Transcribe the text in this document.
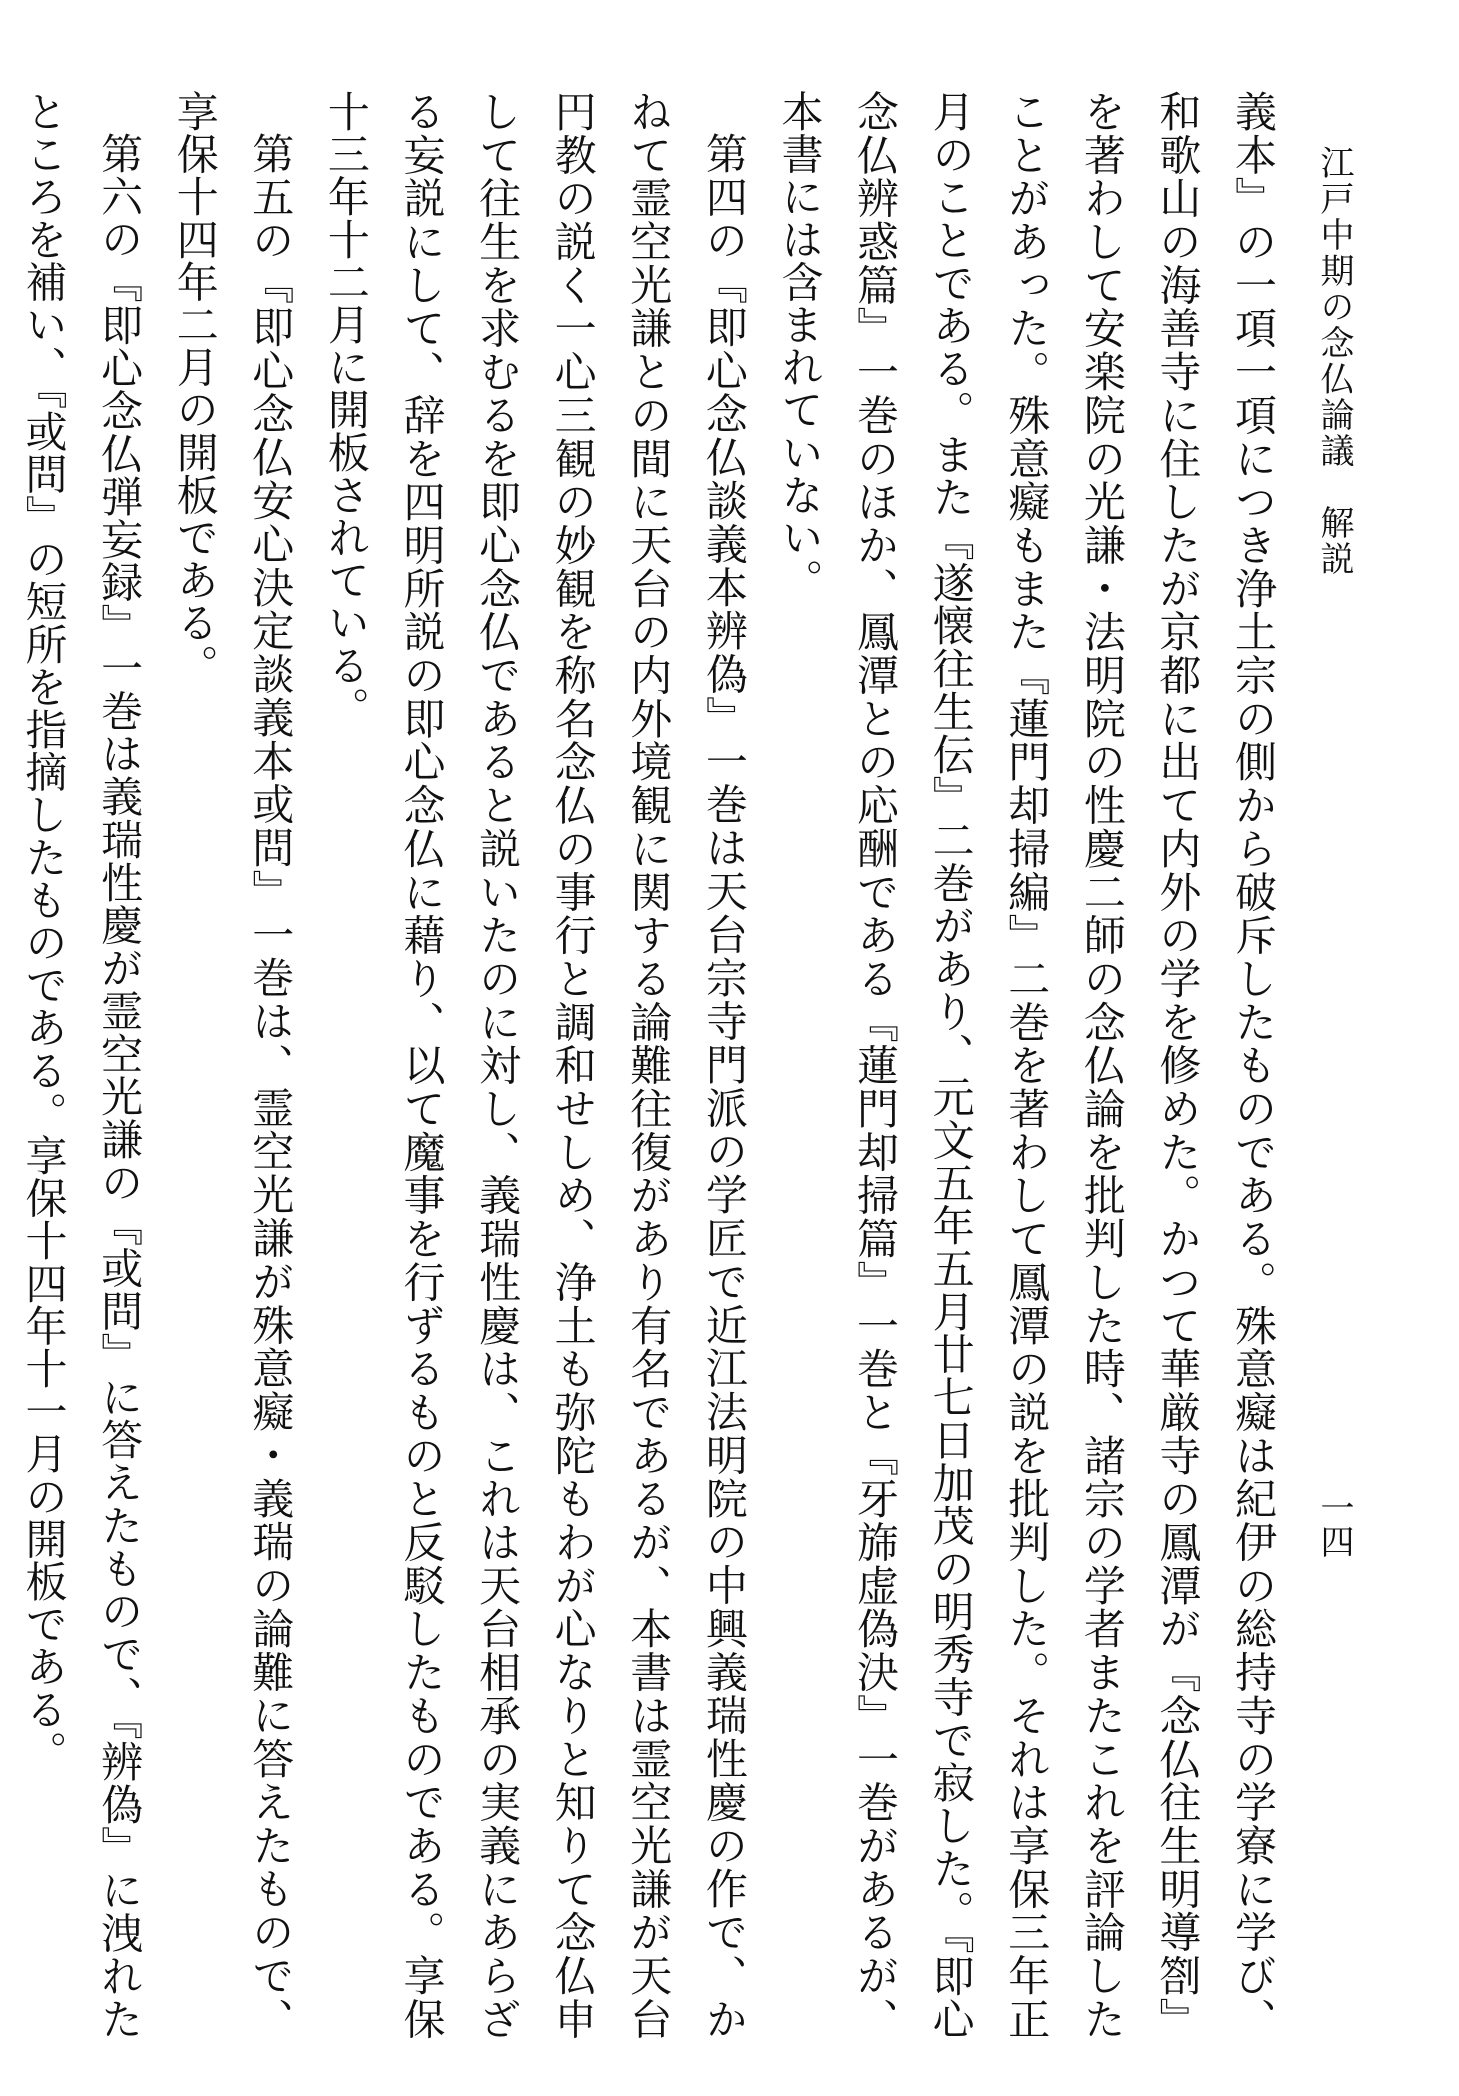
江戸中期の念仏論議　解説
一四

義本』の一項一項につき浄土宗の側から破斥したものである。殊意癡は紀伊の総持寺の学寮に学び、和歌山の海善寺に住したが京都に出て内外の学を修めた。かつて華厳寺の鳳潭が『念仏往生明導劄』を著わして安楽院の光謙・法明院の性慶二師の念仏論を批判した時、諸宗の学者またこれを評論したことがあった。殊意癡もまた『蓮門却掃編』二巻を著わして鳳潭の説を批判した。それは享保三年正月のことである。また『遂懐往生伝』二巻があり、元文五年五月廿七日加茂の明秀寺で寂した。『即心念仏辨惑篇』一巻のほか、鳳潭との応酬である『蓮門却掃篇』一巻と『牙旆虚偽決』一巻があるが、本書には含まれていない。

第四の『即心念仏談義本辨偽』一巻は天台宗寺門派の学匠で近江法明院の中興義瑞性慶の作で、かねて霊空光謙との間に天台の内外境観に関する論難往復があり有名であるが、本書は霊空光謙が天台円教の説く一心三観の妙観を称名念仏の事行と調和せしめ、浄土も弥陀もわが心なりと知りて念仏申して往生を求むるを即心念仏であると説いたのに対し、義瑞性慶は、これは天台相承の実義にあらざる妄説にして、辞を四明所説の即心念仏に藉り、以て魔事を行ずるものと反駁したものである。享保十三年十二月に開板されている。

第五の『即心念仏安心決定談義本或問』一巻は、霊空光謙が殊意癡・義瑞の論難に答えたもので、享保十四年二月の開板である。

第六の『即心念仏弾妄録』一巻は義瑞性慶が霊空光謙の『或問』に答えたもので、『辨偽』に洩れたところを補い、『或問』の短所を指摘したものである。享保十四年十一月の開板である。
